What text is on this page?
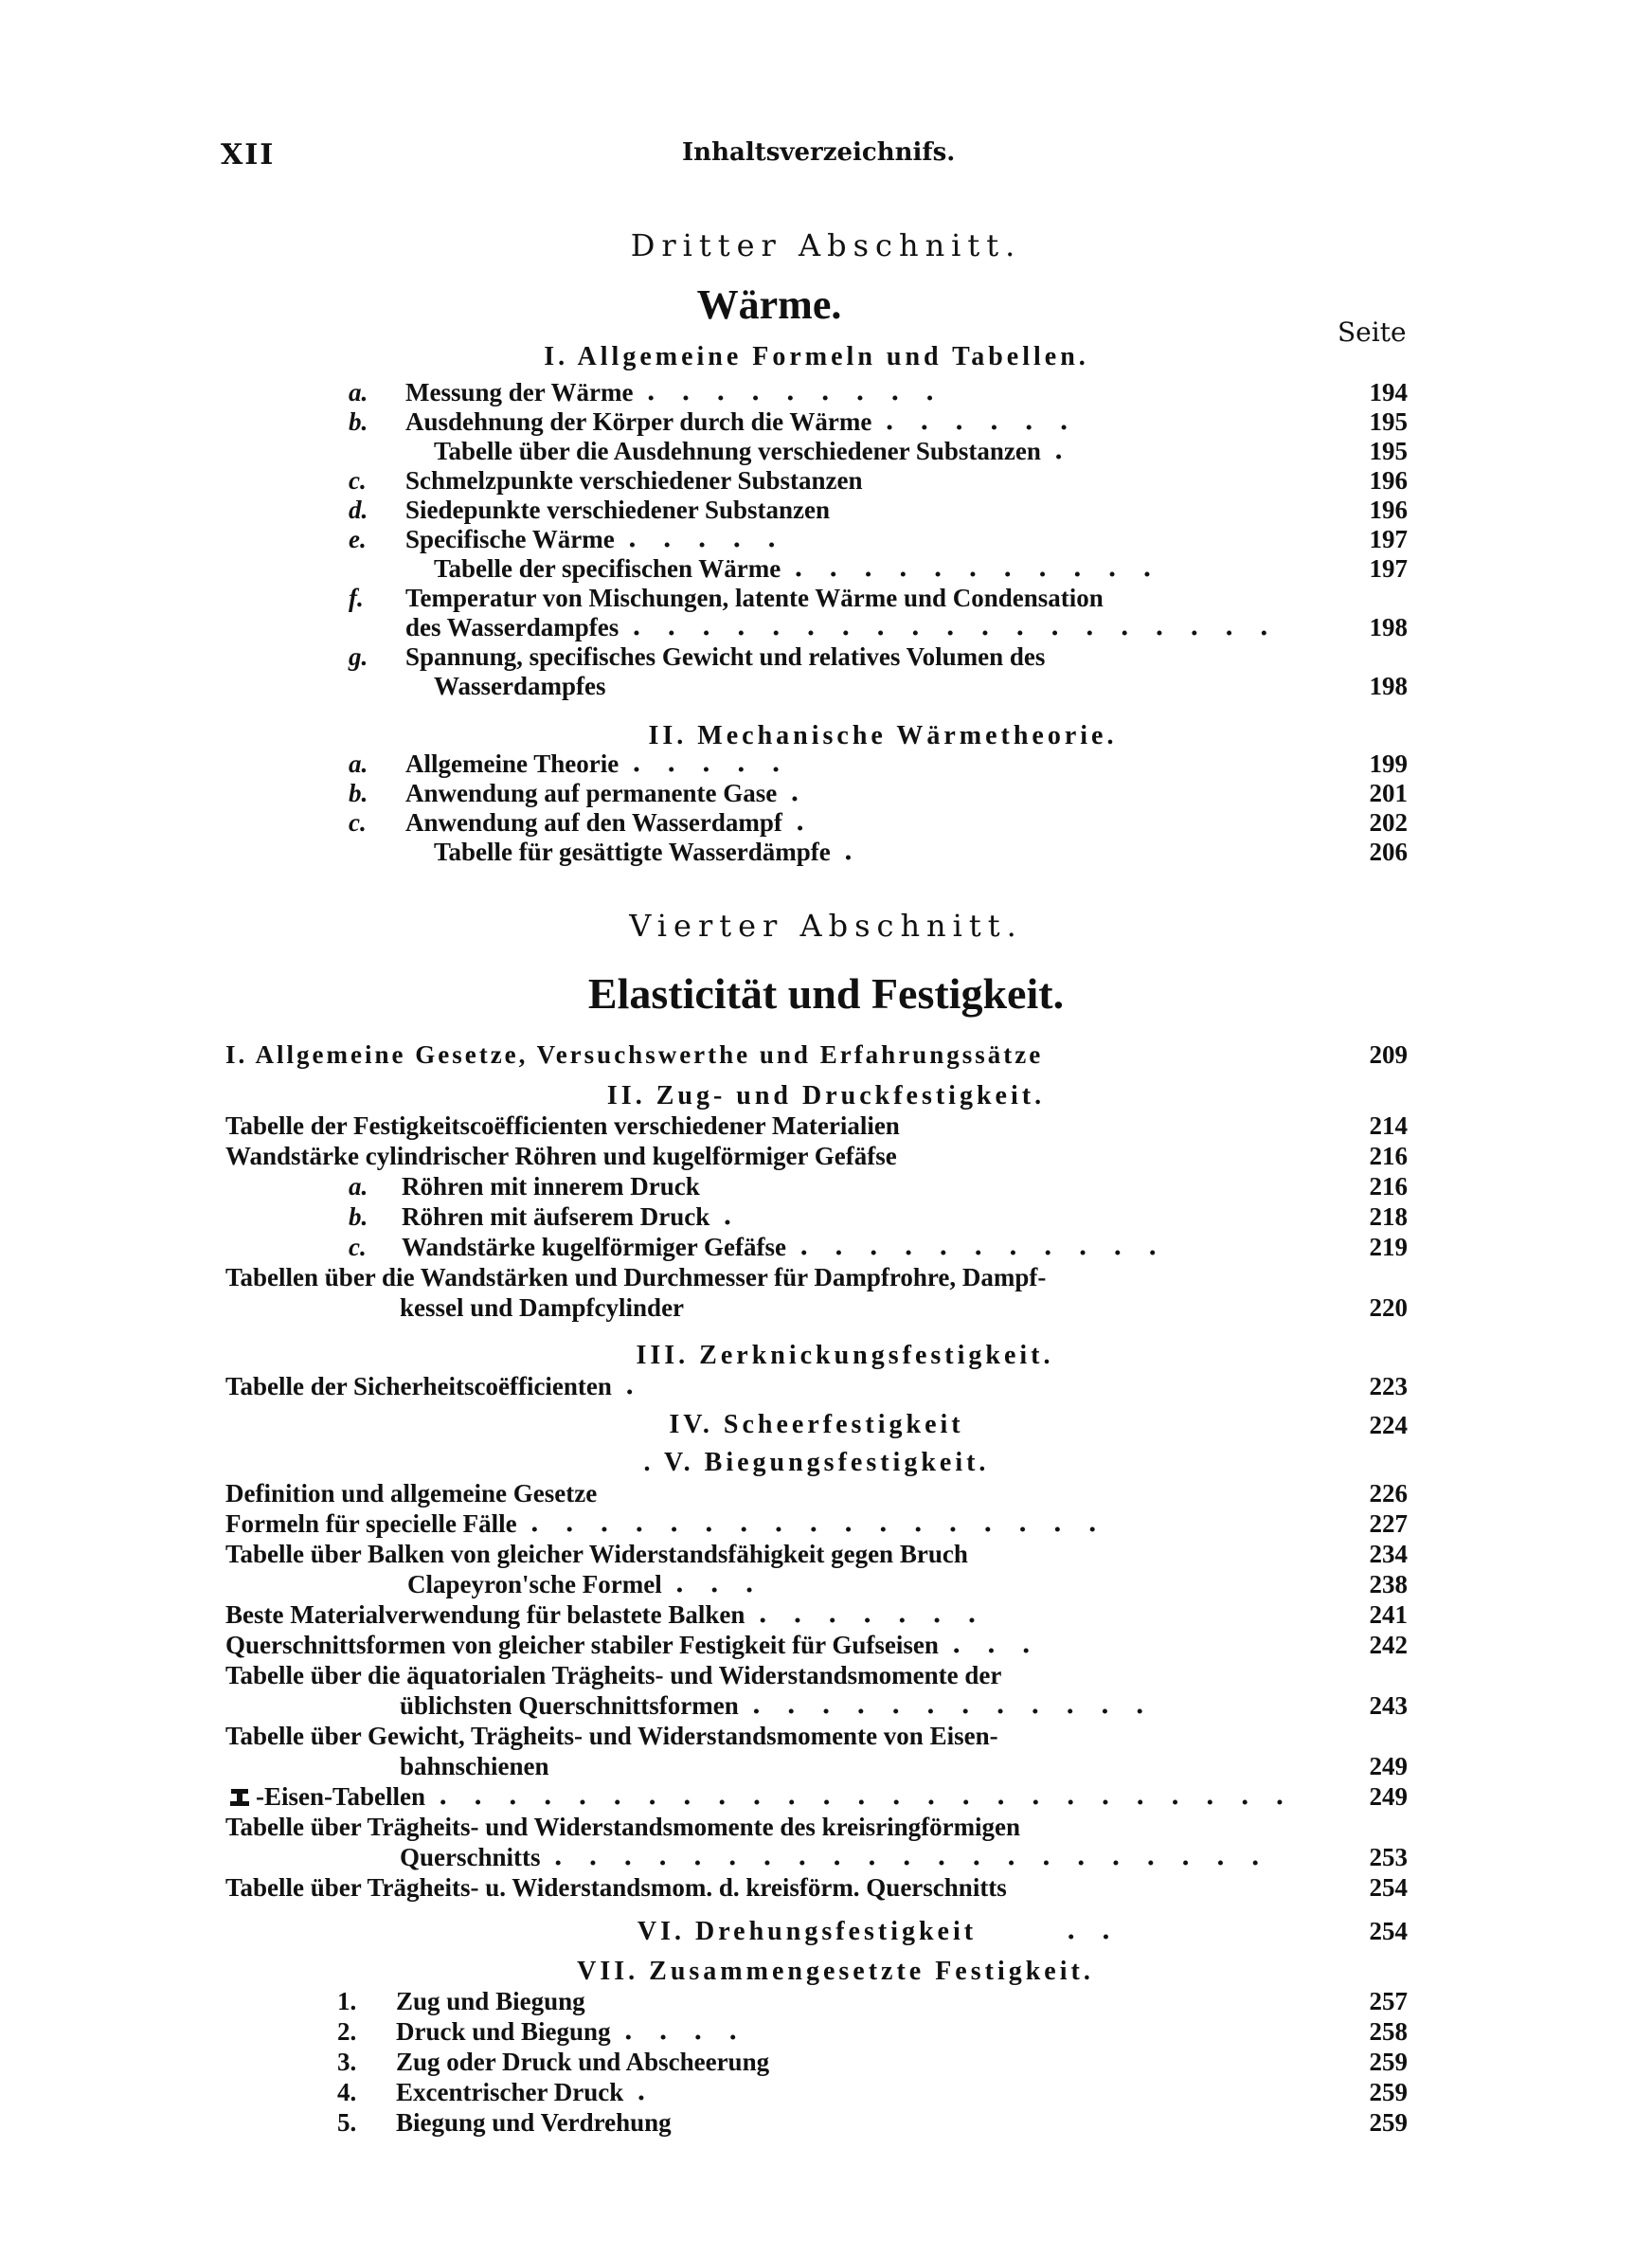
XII	Inhaltsverzeichnifs.
Dritter Abschnitt.
Wärme.
Seite
I. Allgemeine Formeln und Tabellen.
a. Messung der Wärme . . . . . . . . .	194
b. Ausdehnung der Körper durch die Wärme . . . . . .	195
Tabelle über die Ausdehnung verschiedener Substanzen .	195
c. Schmelzpunkte verschiedener Substanzen	196
d. Siedepunkte verschiedener Substanzen	196
e. Specifische Wärme . . . . .	197
Tabelle der specifischen Wärme . . . . . . . . . . .	197
f. Temperatur von Mischungen, latente Wärme und Condensation
des Wasserdampfes . . . . . . . . . . . . . . . . . . .	198
g. Spannung, specifisches Gewicht und relatives Volumen des
Wasserdampfes	198
II. Mechanische Wärmetheorie.
a. Allgemeine Theorie . . . . .	199
b. Anwendung auf permanente Gase .	201
c. Anwendung auf den Wasserdampf .	202
Tabelle für gesättigte Wasserdämpfe .	206
Vierter Abschnitt.
Elasticität und Festigkeit.
I. Allgemeine Gesetze, Versuchswerthe und Erfahrungssätze	209
II. Zug- und Druckfestigkeit.
Tabelle der Festigkeitscoëfficienten verschiedener Materialien	214
Wandstärke cylindrischer Röhren und kugelförmiger Gefäfse	216
a. Röhren mit innerem Druck	216
b. Röhren mit äufserem Druck .	218
c. Wandstärke kugelförmiger Gefäfse . . . . . . . . . . .	219
Tabellen über die Wandstärken und Durchmesser für Dampfrohre, Dampf-
kessel und Dampfcylinder	220
III. Zerknickungsfestigkeit.
Tabelle der Sicherheitscoëfficienten .	223
IV. Scheerfestigkeit	224
. V. Biegungsfestigkeit.
Definition und allgemeine Gesetze	226
Formeln für specielle Fälle . . . . . . . . . . . . . . . . .	227
Tabelle über Balken von gleicher Widerstandsfähigkeit gegen Bruch	234
Clapeyron'sche Formel . . .	238
Beste Materialverwendung für belastete Balken . . . . . . .	241
Querschnittsformen von gleicher stabiler Festigkeit für Gufseisen . . .	242
Tabelle über die äquatorialen Trägheits- und Widerstandsmomente der
üblichsten Querschnittsformen . . . . . . . . . . . .	243
Tabelle über Gewicht, Trägheits- und Widerstandsmomente von Eisen-
bahnschienen	249
-Eisen-Tabellen . . . . . . . . . . . . . . . . . . . . . . . . .	249
Tabelle über Trägheits- und Widerstandsmomente des kreisringförmigen
Querschnitts . . . . . . . . . . . . . . . . . . . . .	253
Tabelle über Trägheits- u. Widerstandsmom. d. kreisförm. Querschnitts	254
VI. Drehungsfestigkeit	. .	254
VII. Zusammengesetzte Festigkeit.
1. Zug und Biegung	257
2. Druck und Biegung . . . .	258
3. Zug oder Druck und Abscheerung	259
4. Excentrischer Druck .	259
5. Biegung und Verdrehung	259
